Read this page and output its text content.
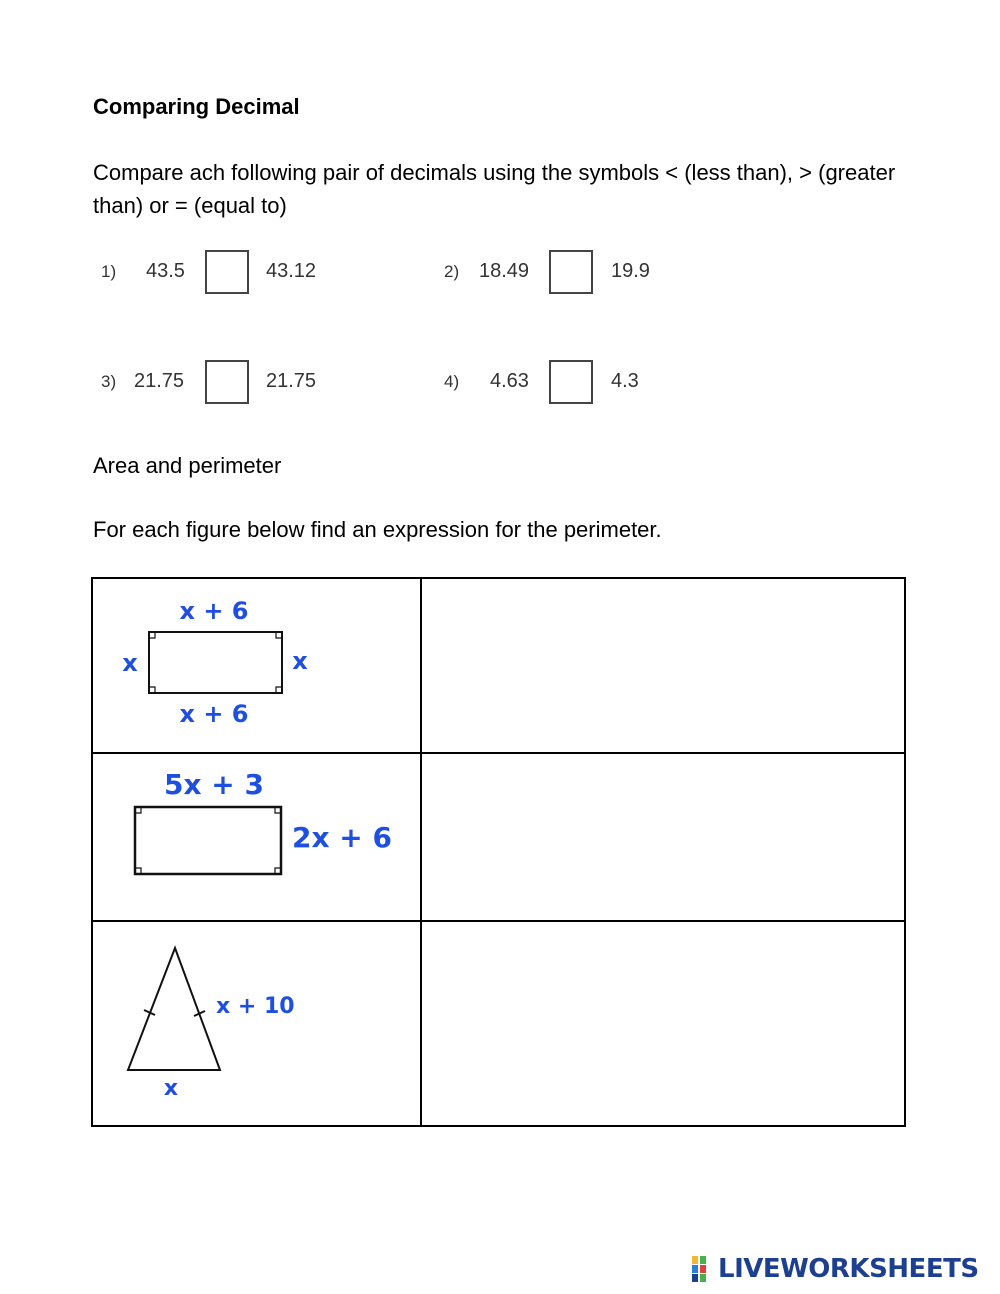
Comparing Decimal
Compare ach following pair of decimals using the symbols < (less than), > (greater than) or = (equal to)
1) 43.5	43.12	2) 18.49	19.9
3) 21.75	21.75	4) 4.63	4.3
Area and perimeter
For each figure below find an expression for the perimeter.
x + 6
x + 6
x	x
5x + 3
2x + 6
x + 10
x
LIVEWORKSHEETS
